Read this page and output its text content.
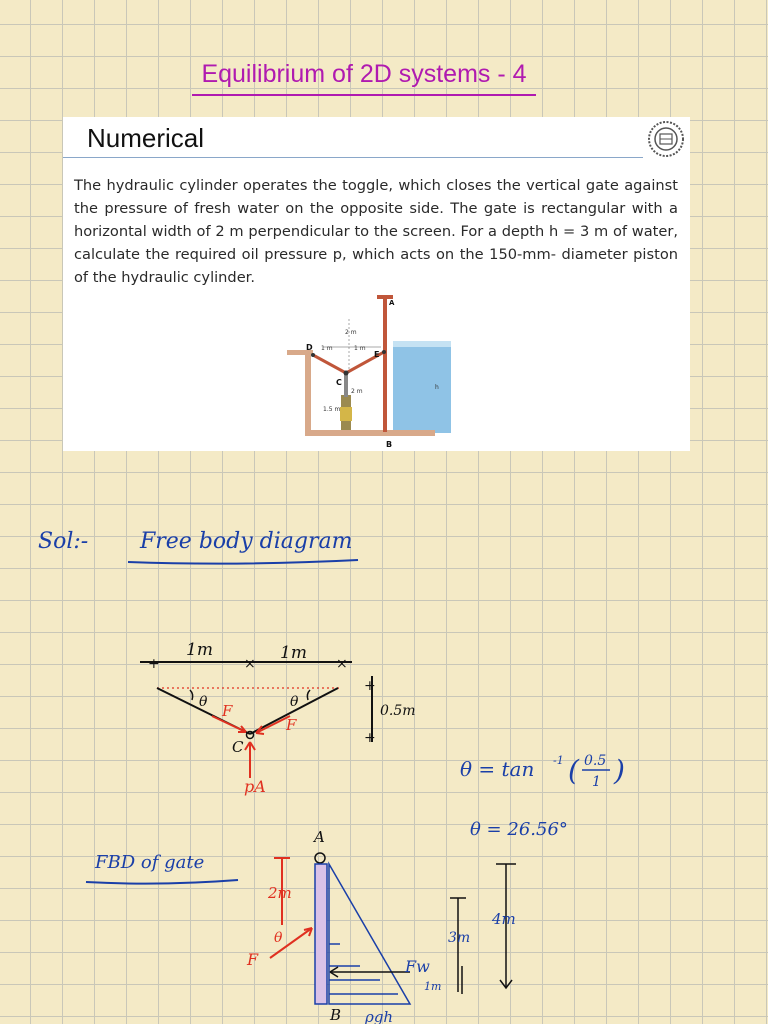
Equilibrium of 2D systems - 4
Numerical
The hydraulic cylinder operates the toggle, which closes the vertical gate against the pressure of fresh water on the opposite side. The gate is rectangular with a horizontal width of 2 m perpendicular to the screen. For a depth h = 3 m of water, calculate the required oil pressure p, which acts on the 150-mm- diameter piston of the hydraulic cylinder.
2 m
1 m	1 m
2 m
1.5 m
h
A
B
C
D
E
Sol:- Free body diagram
+	×	×
1m	1m
θ	θ
F
F
C
pA
+
+
0.5m
θ = tan -1 ( 0.5
1 )
θ = 26.56°
FBD of gate
A
Fw
B ρgh
2m
θ
F
3m
1m
4m
